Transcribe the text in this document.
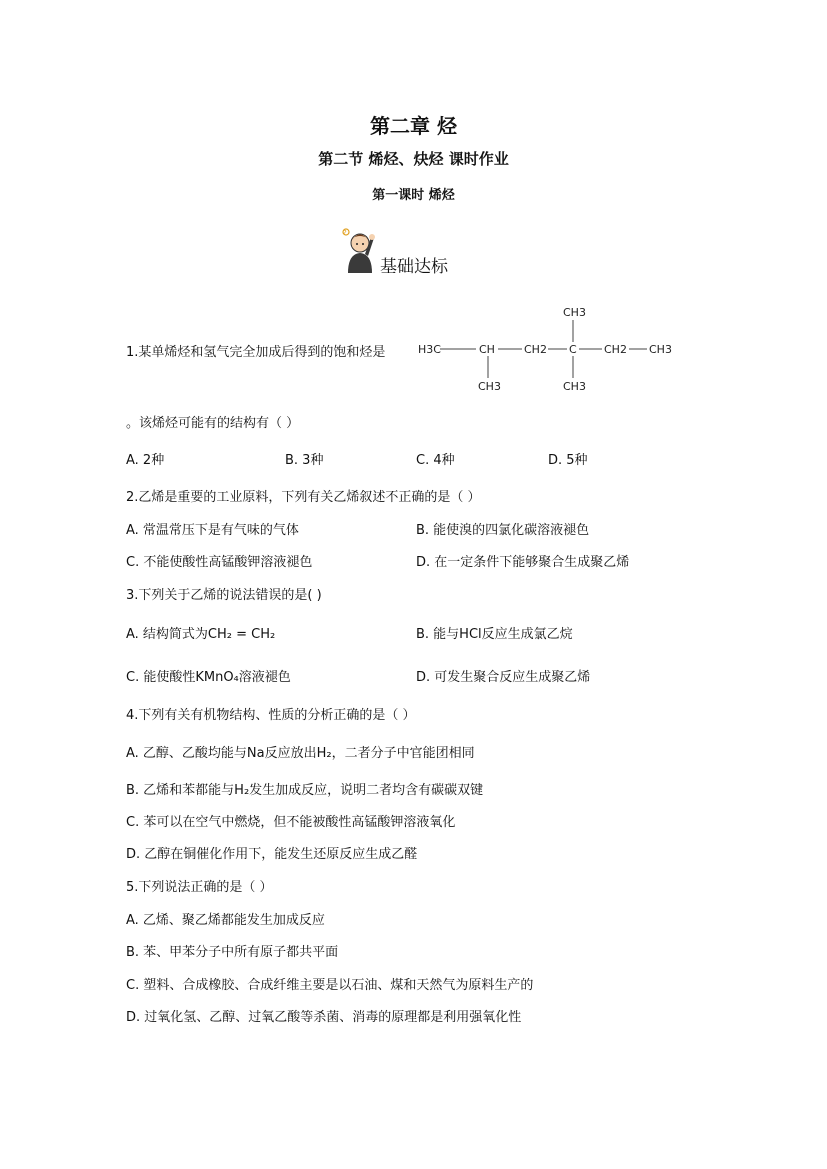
第二章 烃
第二节 烯烃、炔烃 课时作业
第一课时 烯烃
?
基础达标
1.某单烯烃和氢气完全加成后得到的饱和烃是	H3C	CH	CH2 C CH2 CH3
CH3
CH3
CH3
。该烯烃可能有的结构有（ ）
A. 2种	B. 3种	C. 4种	D. 5种
2.乙烯是重要的工业原料，下列有关乙烯叙述不正确的是（ ）
A. 常温常压下是有气味的气体	B. 能使溴的四氯化碳溶液褪色
C. 不能使酸性高锰酸钾溶液褪色	D. 在一定条件下能够聚合生成聚乙烯
3.下列关于乙烯的说法错误的是( )
A. 结构简式为CH₂ = CH₂	B. 能与HCl反应生成氯乙烷
C. 能使酸性KMnO₄溶液褪色	D. 可发生聚合反应生成聚乙烯
4.下列有关有机物结构、性质的分析正确的是（ ）
A. 乙醇、乙酸均能与Na反应放出H₂，二者分子中官能团相同
B. 乙烯和苯都能与H₂发生加成反应，说明二者均含有碳碳双键
C. 苯可以在空气中燃烧，但不能被酸性高锰酸钾溶液氧化
D. 乙醇在铜催化作用下，能发生还原反应生成乙醛
5.下列说法正确的是（ ）
A. 乙烯、聚乙烯都能发生加成反应
B. 苯、甲苯分子中所有原子都共平面
C. 塑料、合成橡胶、合成纤维主要是以石油、煤和天然气为原料生产的
D. 过氧化氢、乙醇、过氧乙酸等杀菌、消毒的原理都是利用强氧化性
